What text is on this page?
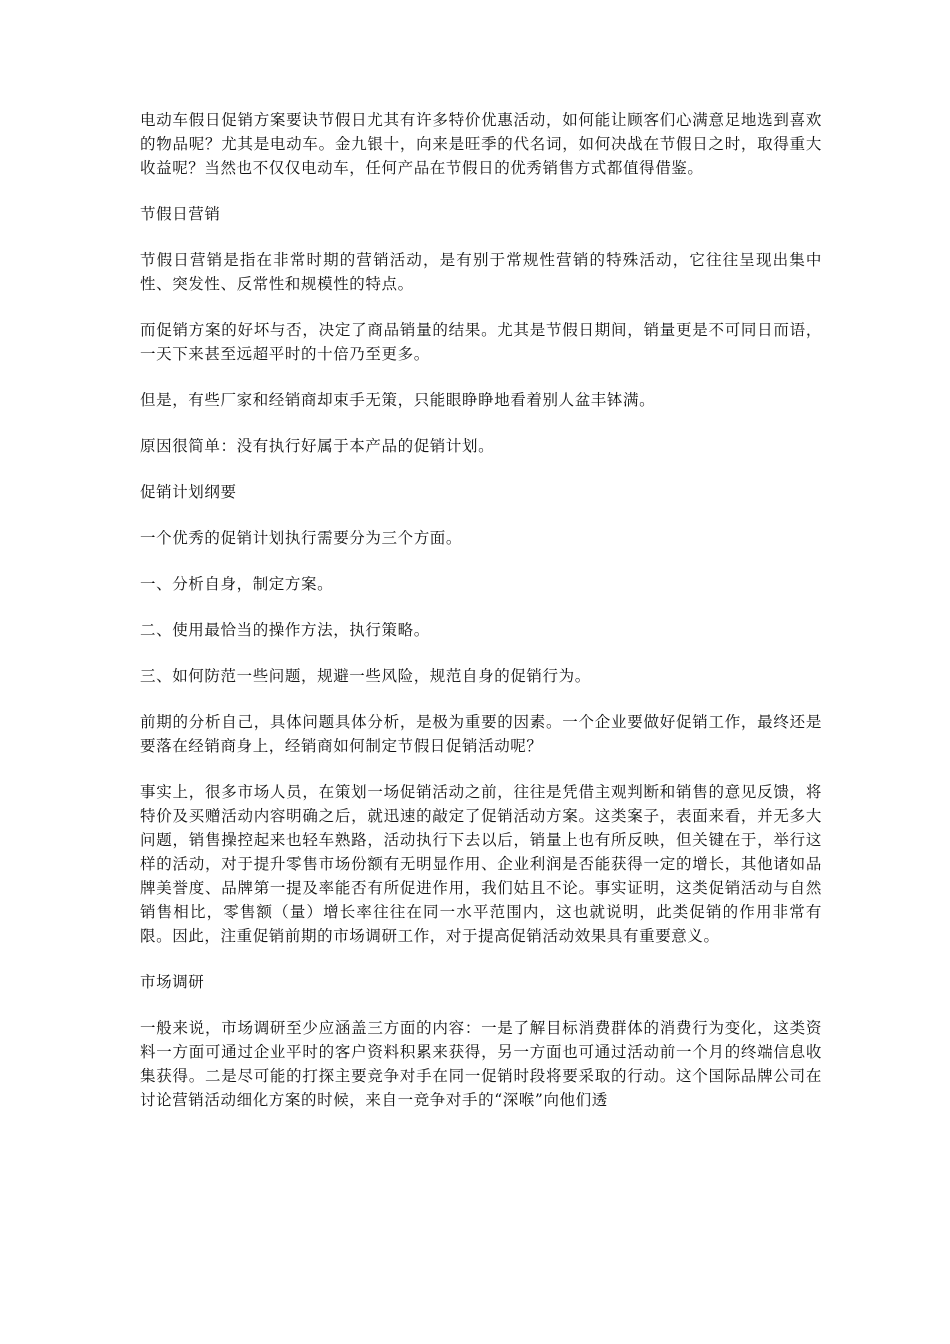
电动车假日促销方案要诀节假日尤其有许多特价优惠活动，如何能让顾客们心满意足地选到喜欢的物品呢？尤其是电动车。金九银十，向来是旺季的代名词，如何决战在节假日之时，取得重大收益呢？当然也不仅仅电动车，任何产品在节假日的优秀销售方式都值得借鉴。

节假日营销

节假日营销是指在非常时期的营销活动，是有别于常规性营销的特殊活动，它往往呈现出集中性、突发性、反常性和规模性的特点。

而促销方案的好坏与否，决定了商品销量的结果。尤其是节假日期间，销量更是不可同日而语，一天下来甚至远超平时的十倍乃至更多。

但是，有些厂家和经销商却束手无策，只能眼睁睁地看着别人盆丰钵满。

原因很简单：没有执行好属于本产品的促销计划。

促销计划纲要

一个优秀的促销计划执行需要分为三个方面。

一、分析自身，制定方案。

二、使用最恰当的操作方法，执行策略。

三、如何防范一些问题，规避一些风险，规范自身的促销行为。

前期的分析自己，具体问题具体分析，是极为重要的因素。一个企业要做好促销工作，最终还是要落在经销商身上，经销商如何制定节假日促销活动呢？

事实上，很多市场人员，在策划一场促销活动之前，往往是凭借主观判断和销售的意见反馈，将特价及买赠活动内容明确之后，就迅速的敲定了促销活动方案。这类案子，表面来看，并无多大问题，销售操控起来也轻车熟路，活动执行下去以后，销量上也有所反映，但关键在于，举行这样的活动，对于提升零售市场份额有无明显作用、企业利润是否能获得一定的增长，其他诸如品牌美誉度、品牌第一提及率能否有所促进作用，我们姑且不论。事实证明，这类促销活动与自然销售相比，零售额（量）增长率往往在同一水平范围内，这也就说明，此类促销的作用非常有限。因此，注重促销前期的市场调研工作，对于提高促销活动效果具有重要意义。

市场调研

一般来说，市场调研至少应涵盖三方面的内容：一是了解目标消费群体的消费行为变化，这类资料一方面可通过企业平时的客户资料积累来获得，另一方面也可通过活动前一个月的终端信息收集获得。二是尽可能的打探主要竞争对手在同一促销时段将要采取的行动。这个国际品牌公司在讨论营销活动细化方案的时候，来自一竞争对手的“深喉”向他们透
